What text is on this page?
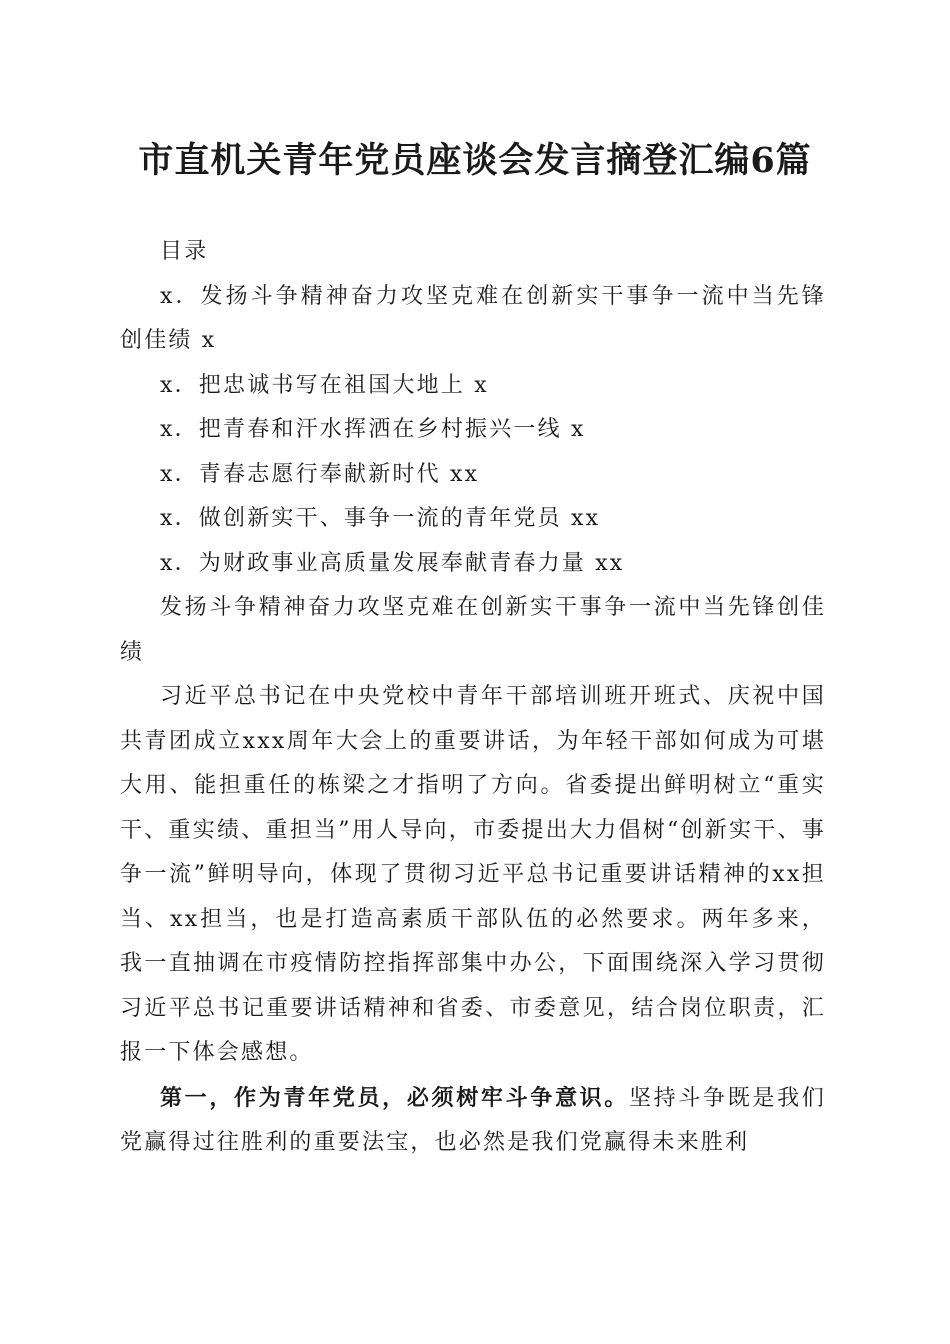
市直机关青年党员座谈会发言摘登汇编6篇

目录

x．发扬斗争精神奋力攻坚克难在创新实干事争一流中当先锋创佳绩 x

x．把忠诚书写在祖国大地上 x

x．把青春和汗水挥洒在乡村振兴一线 x

x．青春志愿行奉献新时代 xx

x．做创新实干、事争一流的青年党员 xx

x．为财政事业高质量发展奉献青春力量 xx

发扬斗争精神奋力攻坚克难在创新实干事争一流中当先锋创佳绩

习近平总书记在中央党校中青年干部培训班开班式、庆祝中国共青团成立xxx周年大会上的重要讲话，为年轻干部如何成为可堪大用、能担重任的栋梁之才指明了方向。省委提出鲜明树立“重实干、重实绩、重担当”用人导向，市委提出大力倡树“创新实干、事争一流”鲜明导向，体现了贯彻习近平总书记重要讲话精神的xx担当、xx担当，也是打造高素质干部队伍的必然要求。两年多来，我一直抽调在市疫情防控指挥部集中办公，下面围绕深入学习贯彻习近平总书记重要讲话精神和省委、市委意见，结合岗位职责，汇报一下体会感想。

第一，作为青年党员，必须树牢斗争意识。坚持斗争既是我们党赢得过往胜利的重要法宝，也必然是我们党赢得未来胜利
